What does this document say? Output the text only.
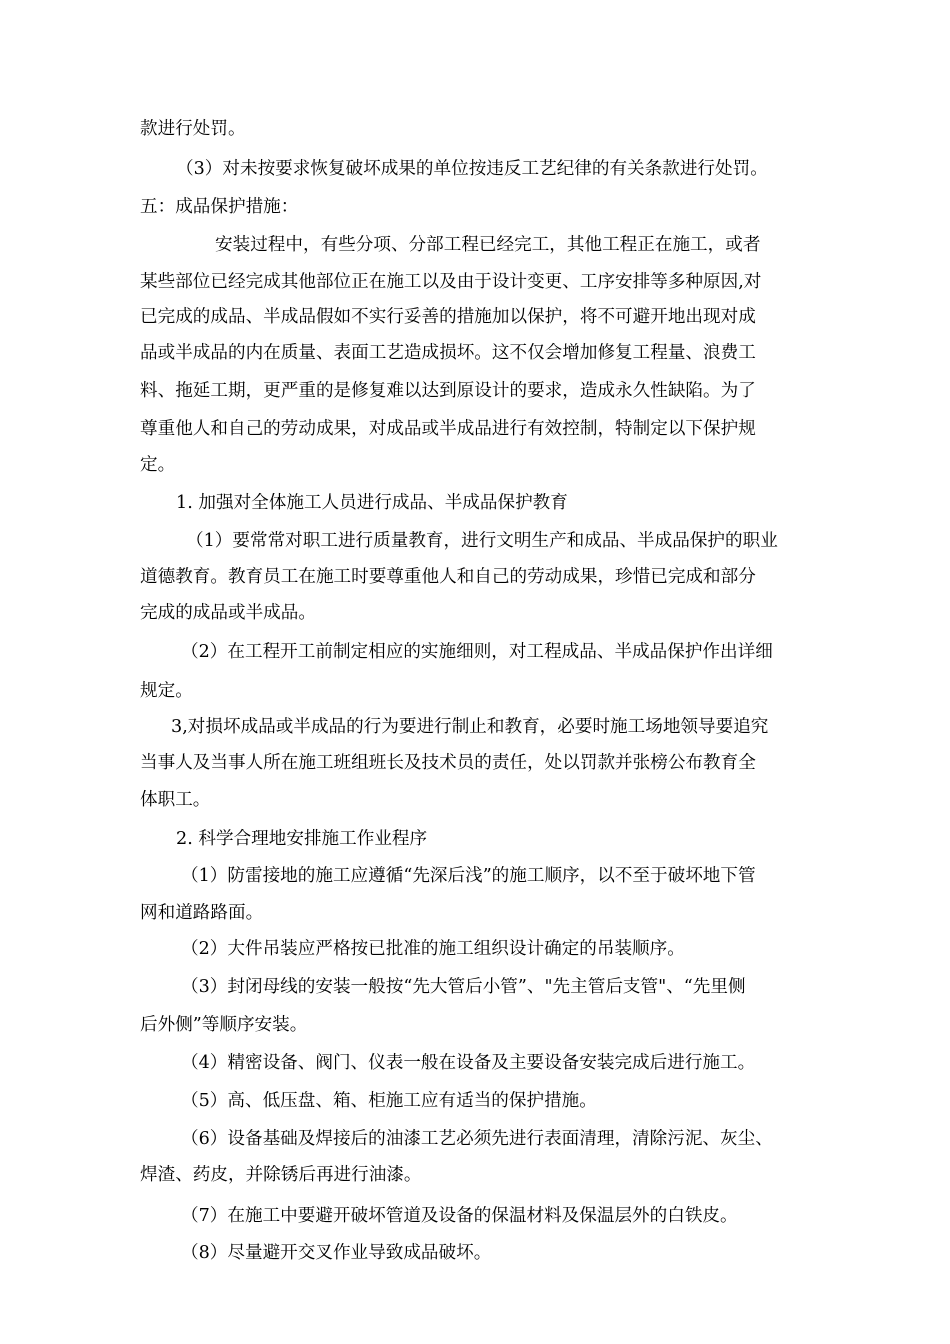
款进行处罚。
（3）对未按要求恢复破坏成果的单位按违反工艺纪律的有关条款进行处罚。
五：成品保护措施：
安装过程中，有些分项、分部工程已经完工，其他工程正在施工，或者
某些部位已经完成其他部位正在施工以及由于设计变更、工序安排等多种原因,对
已完成的成品、半成品假如不实行妥善的措施加以保护，将不可避开地出现对成
品或半成品的内在质量、表面工艺造成损坏。这不仅会增加修复工程量、浪费工
料、拖延工期，更严重的是修复难以达到原设计的要求，造成永久性缺陷。为了
尊重他人和自己的劳动成果，对成品或半成品进行有效控制，特制定以下保护规
定。
1. 加强对全体施工人员进行成品、半成品保护教育
（1）要常常对职工进行质量教育，进行文明生产和成品、半成品保护的职业
道德教育。教育员工在施工时要尊重他人和自己的劳动成果，珍惜已完成和部分
完成的成品或半成品。
（2）在工程开工前制定相应的实施细则，对工程成品、半成品保护作出详细
规定。
3,对损坏成品或半成品的行为要进行制止和教育，必要时施工场地领导要追究
当事人及当事人所在施工班组班长及技术员的责任，处以罚款并张榜公布教育全
体职工。
2. 科学合理地安排施工作业程序
（1）防雷接地的施工应遵循“先深后浅”的施工顺序，以不至于破坏地下管
网和道路路面。
（2）大件吊装应严格按已批准的施工组织设计确定的吊装顺序。
（3）封闭母线的安装一般按“先大管后小管”、"先主管后支管"、“先里侧
后外侧”等顺序安装。
（4）精密设备、阀门、仪表一般在设备及主要设备安装完成后进行施工。
（5）高、低压盘、箱、柜施工应有适当的保护措施。
（6）设备基础及焊接后的油漆工艺必须先进行表面清理，清除污泥、灰尘、
焊渣、药皮，并除锈后再进行油漆。
（7）在施工中要避开破坏管道及设备的保温材料及保温层外的白铁皮。
（8）尽量避开交叉作业导致成品破坏。
